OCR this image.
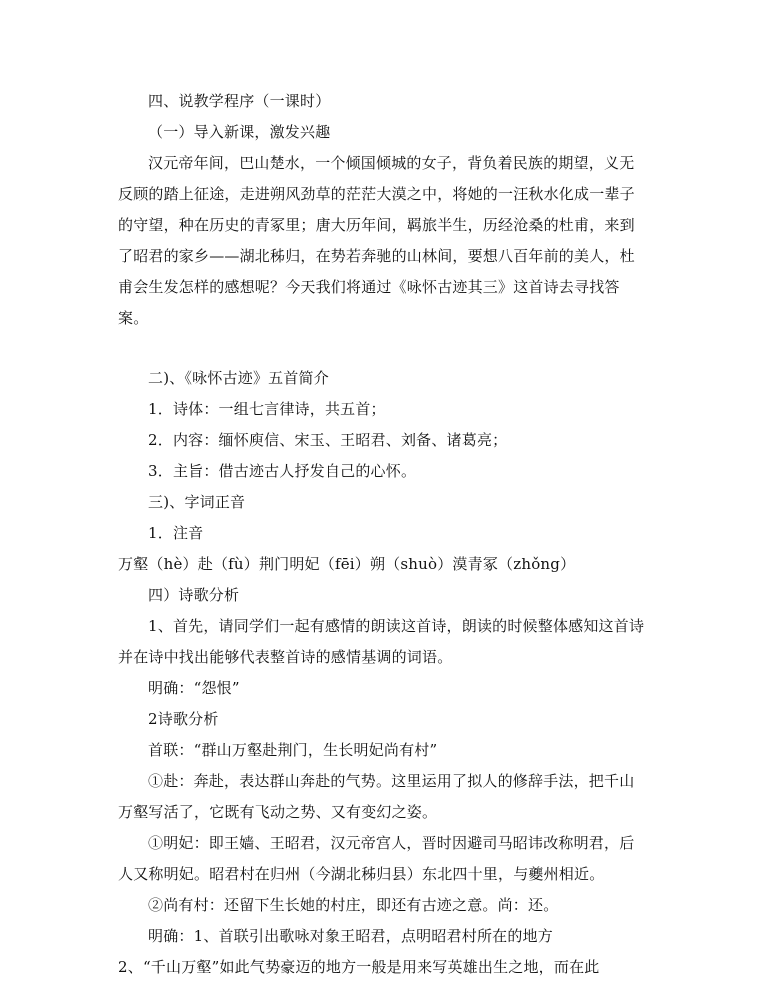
四、说教学程序（一课时）
（一）导入新课，激发兴趣
汉元帝年间，巴山楚水，一个倾国倾城的女子，背负着民族的期望，义无
反顾的踏上征途，走进朔风劲草的茫茫大漠之中，将她的一汪秋水化成一辈子
的守望，种在历史的青冢里；唐大历年间，羁旅半生，历经沧桑的杜甫，来到
了昭君的家乡——湖北秭归，在势若奔驰的山林间，要想八百年前的美人，杜
甫会生发怎样的感想呢？今天我们将通过《咏怀古迹其三》这首诗去寻找答
案。
二)、《咏怀古迹》五首简介
1．诗体：一组七言律诗，共五首；
2．内容：缅怀庾信、宋玉、王昭君、刘备、诸葛亮；
3．主旨：借古迹古人抒发自己的心怀。
三)、字词正音
1．注音
万壑（hè）赴（fù）荆门明妃（fēi）朔（shuò）漠青冢（zhǒng）
四）诗歌分析
1、首先，请同学们一起有感情的朗读这首诗，朗读的时候整体感知这首诗
并在诗中找出能够代表整首诗的感情基调的词语。
明确：“怨恨”
2诗歌分析
首联：“群山万壑赴荆门，生长明妃尚有村”
①赴：奔赴，表达群山奔赴的气势。这里运用了拟人的修辞手法，把千山
万壑写活了，它既有飞动之势、又有变幻之姿。
①明妃：即王嫱、王昭君，汉元帝宫人，晋时因避司马昭讳改称明君，后
人又称明妃。昭君村在归州（今湖北秭归县）东北四十里，与夔州相近。
②尚有村：还留下生长她的村庄，即还有古迹之意。尚：还。
明确：1、首联引出歌咏对象王昭君，点明昭君村所在的地方
2、“千山万壑”如此气势豪迈的地方一般是用来写英雄出生之地，而在此
